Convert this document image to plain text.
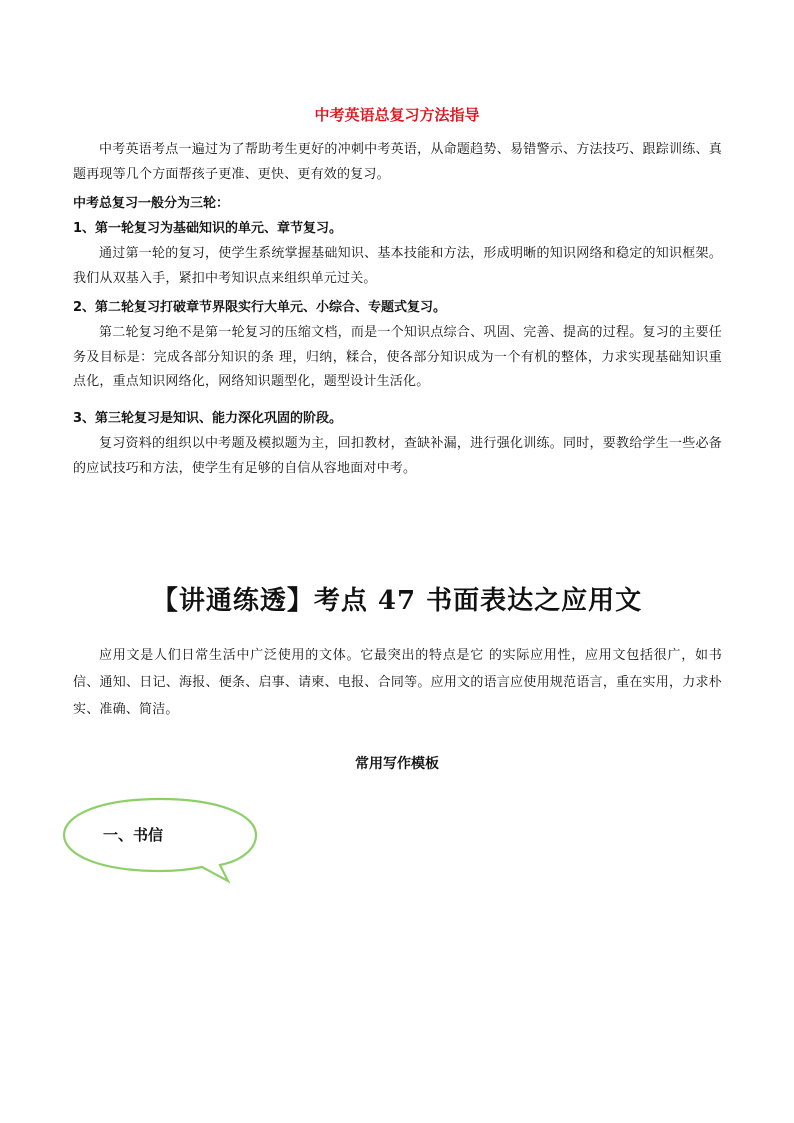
中考英语总复习方法指导
中考英语考点一遍过为了帮助考生更好的冲刺中考英语，从命题趋势、易错警示、方法技巧、跟踪训练、真题再现等几个方面帮孩子更准、更快、更有效的复习。
中考总复习一般分为三轮：
1、第一轮复习为基础知识的单元、章节复习。
通过第一轮的复习，使学生系统掌握基础知识、基本技能和方法，形成明晰的知识网络和稳定的知识框架。我们从双基入手，紧扣中考知识点来组织单元过关。
2、第二轮复习打破章节界限实行大单元、小综合、专题式复习。
第二轮复习绝不是第一轮复习的压缩文档，而是一个知识点综合、巩固、完善、提高的过程。复习的主要任务及目标是：完成各部分知识的条 理，归纳，糅合，使各部分知识成为一个有机的整体，力求实现基础知识重点化，重点知识网络化，网络知识题型化，题型设计生活化。
3、第三轮复习是知识、能力深化巩固的阶段。
复习资料的组织以中考题及模拟题为主，回扣教材，查缺补漏，进行强化训练。同时，要教给学生一些必备的应试技巧和方法，使学生有足够的自信从容地面对中考。
【讲通练透】考点 47 书面表达之应用文
应用文是人们日常生活中广泛使用的文体。它最突出的特点是它 的实际应用性，应用文包括很广，如书信、通知、日记、海报、便条、启事、请柬、电报、合同等。应用文的语言应使用规范语言，重在实用，力求朴实、准确、简洁。
常用写作模板
一、书信
